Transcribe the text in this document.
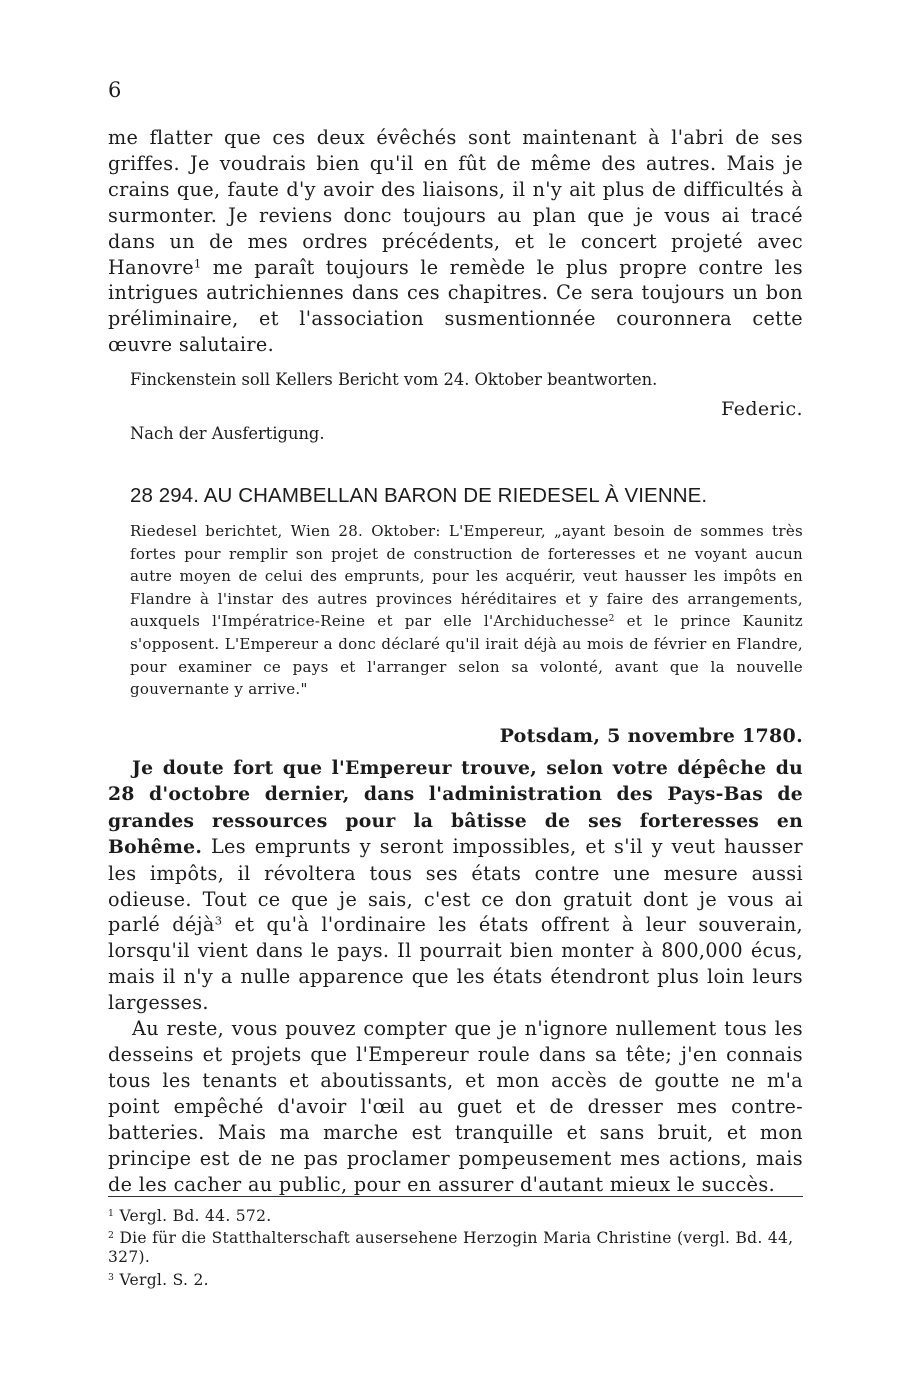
6

me flatter que ces deux évêchés sont maintenant à l'abri de ses griffes. Je voudrais bien qu'il en fût de même des autres. Mais je crains que, faute d'y avoir des liaisons, il n'y ait plus de difficultés à surmonter. Je reviens donc toujours au plan que je vous ai tracé dans un de mes ordres précédents, et le concert projeté avec Hanovre$^1$ me paraît toujours le remède le plus propre contre les intrigues autrichiennes dans ces chapitres. Ce sera toujours un bon préliminaire, et l'association susmentionnée couronnera cette œuvre salutaire.

Finckenstein soll Kellers Bericht vom 24. Oktober beantworten.

Federic.

Nach der Ausfertigung.

28 294. AU CHAMBELLAN BARON DE RIEDESEL À VIENNE.

Riedesel berichtet, Wien 28. Oktober: L'Empereur, „ayant besoin de sommes très fortes pour remplir son projet de construction de forteresses et ne voyant aucun autre moyen de celui des emprunts, pour les acquérir, veut hausser les impôts en Flandre à l'instar des autres provinces héréditaires et y faire des arrangements, auxquels l'Impératrice-Reine et par elle l'Archiduchesse$^2$ et le prince Kaunitz s'opposent. L'Empereur a donc déclaré qu'il irait déjà au mois de février en Flandre, pour examiner ce pays et l'arranger selon sa volonté, avant que la nouvelle gouvernante y arrive."

Potsdam, 5 novembre 1780.

Je doute fort que l'Empereur trouve, selon votre dépêche du 28 d'octobre dernier, dans l'administration des Pays-Bas de grandes ressources pour la bâtisse de ses forteresses en Bohême. Les emprunts y seront impossibles, et s'il y veut hausser les impôts, il révoltera tous ses états contre une mesure aussi odieuse. Tout ce que je sais, c'est ce don gratuit dont je vous ai parlé déjà$^3$ et qu'à l'ordinaire les états offrent à leur souverain, lorsqu'il vient dans le pays. Il pourrait bien monter à 800,000 écus, mais il n'y a nulle apparence que les états étendront plus loin leurs largesses.

Au reste, vous pouvez compter que je n'ignore nullement tous les desseins et projets que l'Empereur roule dans sa tête; j'en connais tous les tenants et aboutissants, et mon accès de goutte ne m'a point empêché d'avoir l'œil au guet et de dresser mes contre-batteries. Mais ma marche est tranquille et sans bruit, et mon principe est de ne pas proclamer pompeusement mes actions, mais de les cacher au public, pour en assurer d'autant mieux le succès.

$^1$ Vergl. Bd. 44. 572.
$^2$ Die für die Statthalterschaft ausersehene Herzogin Maria Christine (vergl. Bd. 44, 327).
$^3$ Vergl. S. 2.
